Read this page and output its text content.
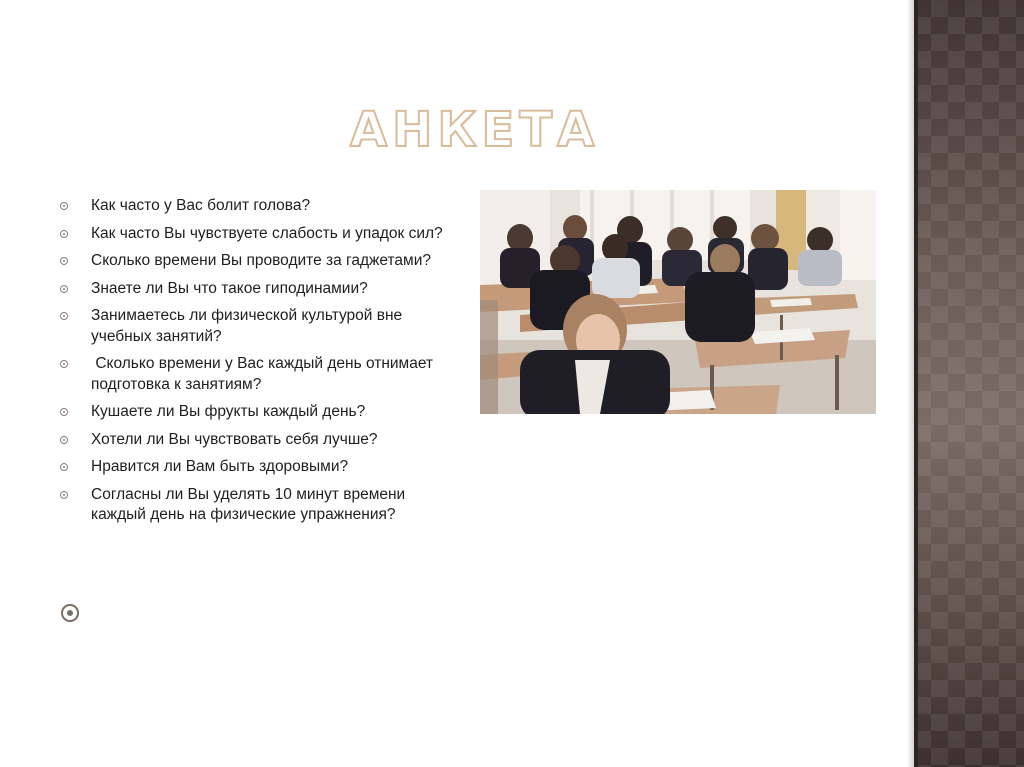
АНКЕТА
Как часто у Вас болит голова?
Как часто Вы чувствуете слабость и упадок сил?
Сколько времени Вы проводите за гаджетами?
Знаете ли Вы что такое гиподинамии?
Занимаетесь ли физической культурой вне учебных занятий?
Сколько времени у Вас каждый день отнимает подготовка к занятиям?
Кушаете ли Вы фрукты каждый день?
Хотели ли Вы чувствовать себя лучше?
Нравится ли Вам быть здоровыми?
Согласны ли Вы уделять 10 минут времени каждый день на физические упражнения?
